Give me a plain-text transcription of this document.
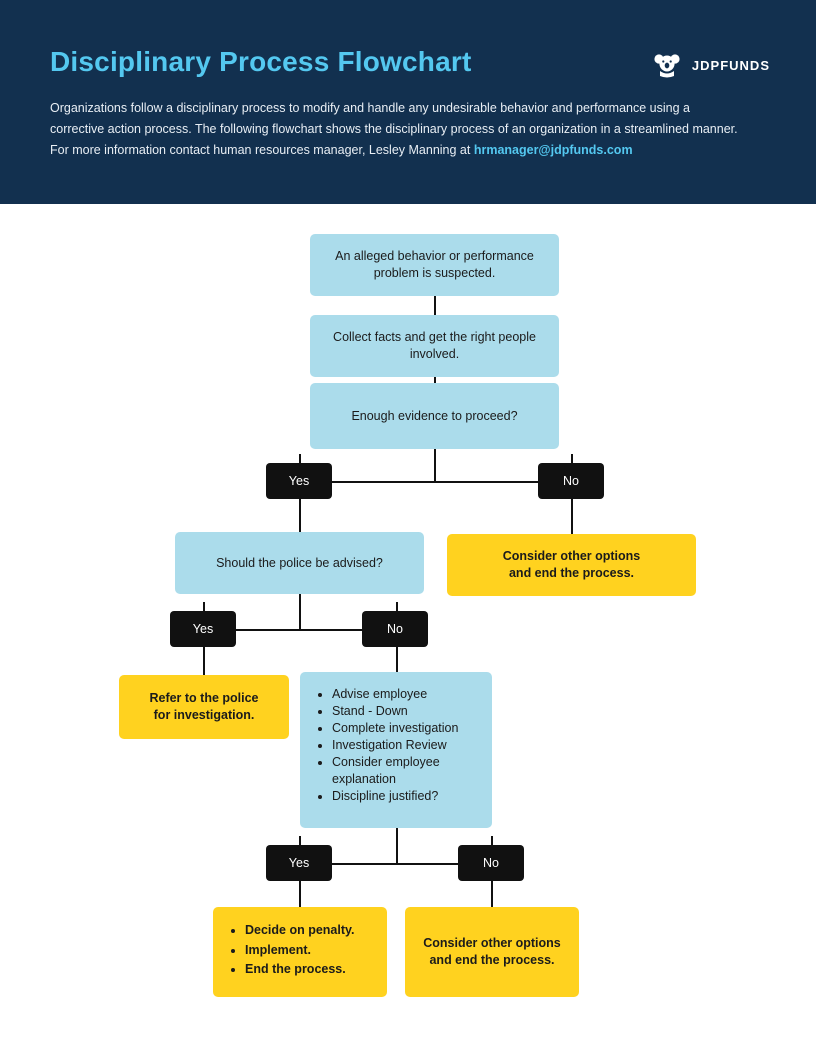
Disciplinary Process Flowchart	JDPFUNDS
Organizations follow a disciplinary process to modify and handle any undesirable behavior and performance using a corrective action process. The following flowchart shows the disciplinary process of an organization in a streamlined manner. For more information contact human resources manager, Lesley Manning at hrmanager@jdpfunds.com
An alleged behavior or performance problem is suspected.
Collect facts and get the right people involved.
Enough evidence to proceed?
Yes	No
Should the police be advised?	Consider other options
and end the process.
Yes	No
Refer to the police
for investigation.
• Advise employee
• Stand - Down
• Complete investigation
• Investigation Review
• Consider employee explanation
• Discipline justified?
Yes	No
• Decide on penalty.
• Implement.
• End the process.
Consider other options
and end the process.
